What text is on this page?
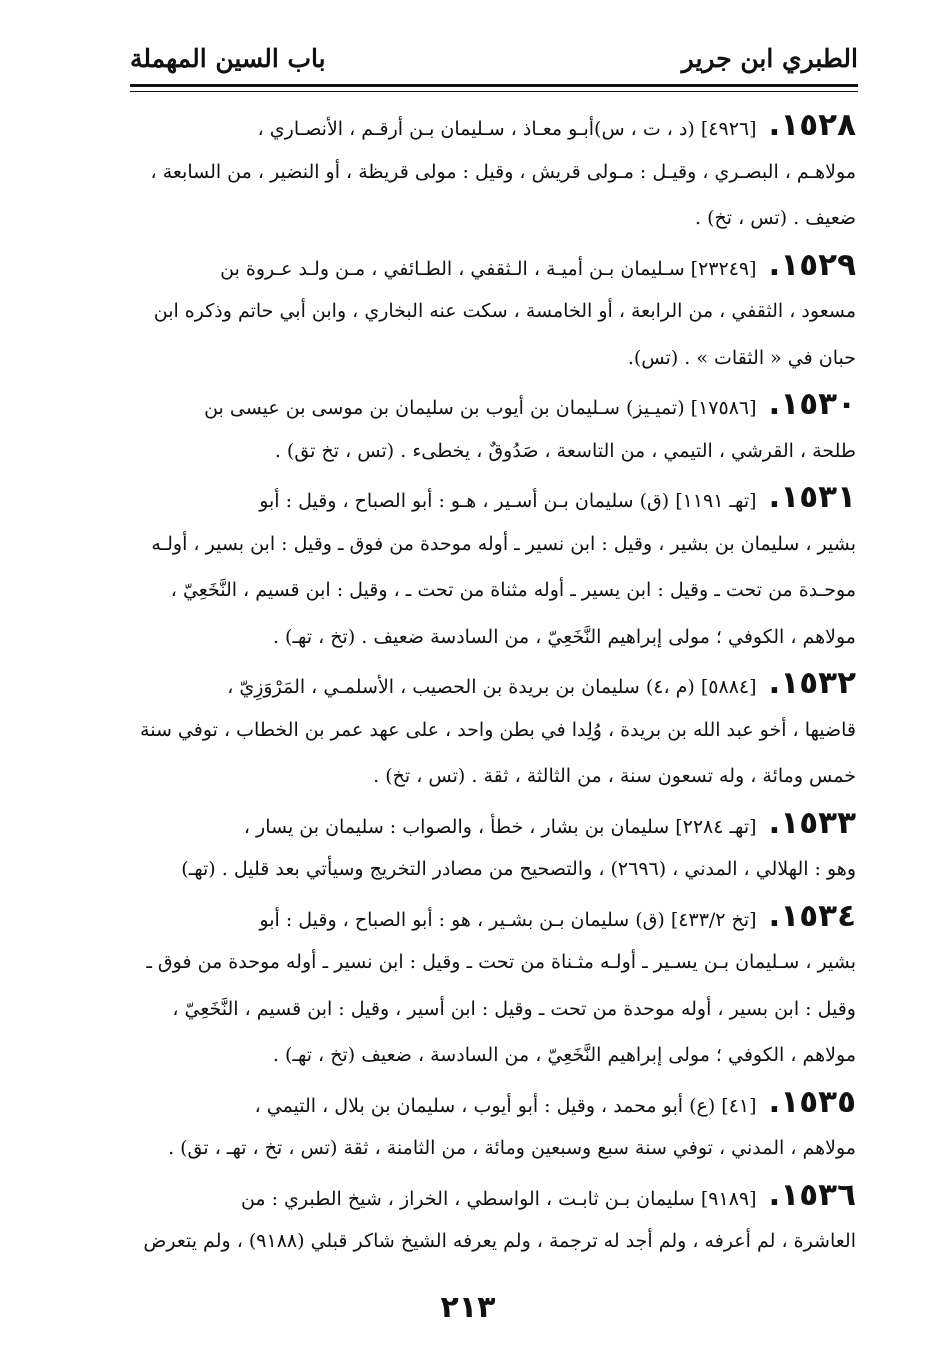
الطبري ابن جرير
باب السين المهملة
١٥٢٨.[٤٩٢٦] (د ، ت ، س)أبـو معـاذ ، سـليمان بـن أرقـم ، الأنصـاري ،
مولاهـم ، البصـري ، وقيـل : مـولى قريش ، وقيل : مولى قريظة ، أو النضير ، من السابعة ،
ضعيف . (تس ، تخ) .
١٥٢٩.[٢٣٢٤٩] سـليمان بـن أميـة ، الـثقفي ، الطـائفي ، مـن ولـد عـروة بن
مسعود ، الثقفي ، من الرابعة ، أو الخامسة ، سكت عنه البخاري ، وابن أبي حاتم وذكره ابن
حبان في « الثقات » . (تس).
١٥٣٠.[١٧٥٨٦] (تميـيز) سـليمان بن أيوب بن سليمان بن موسى بن عيسى بن
طلحة ، القرشي ، التيمي ، من التاسعة ، صَدُوقٌ ، يخطىء . (تس ، تخ تق) .
١٥٣١.[تهـ ١١٩١] (ق) سليمان بـن أسـير ، هـو : أبو الصباح ، وقيل : أبو
بشير ، سليمان بن بشير ، وقيل : ابن نسير ـ أوله موحدة من فوق ـ وقيل : ابن بسير ، أولـه
موحـدة من تحت ـ وقيل : ابن يسير ـ أوله مثناة من تحت ـ ، وقيل : ابن قسيم ، النَّخَعِيّ ،
مولاهم ، الكوفي ؛ مولى إبراهيم النَّخَعِيّ ، من السادسة ضعيف . (تخ ، تهـ) .
١٥٣٢.[٥٨٨٤] (م ،٤) سليمان بن بريدة بن الحصيب ، الأسلمـي ، المَرْوَزِيّ ،
قاضيها ، أخو عبد الله بن بريدة ، وُلِدا في بطن واحد ، على عهد عمر بن الخطاب ، توفي سنة
خمس ومائة ، وله تسعون سنة ، من الثالثة ، ثقة . (تس ، تخ) .
١٥٣٣.[تهـ ٢٢٨٤] سليمان بن بشار ، خطأ ، والصواب : سليمان بن يسار ،
وهو : الهلالي ، المدني ، (٢٦٩٦) ، والتصحيح من مصادر التخريج وسيأتي بعد قليل . (تهـ)
١٥٣٤.[تخ ٤٣٣/٢] (ق) سليمان بـن بشـير ، هو : أبو الصباح ، وقيل : أبو
بشير ، سـليمان بـن يسـير ـ أولـه مثـناة من تحت ـ وقيل : ابن نسير ـ أوله موحدة من فوق ـ
وقيل : ابن بسير ، أوله موحدة من تحت ـ وقيل : ابن أسير ، وقيل : ابن قسيم ، النَّخَعِيّ ،
مولاهم ، الكوفي ؛ مولى إبراهيم النَّخَعِيّ ، من السادسة ، ضعيف (تخ ، تهـ) .
١٥٣٥.[٤١] (ع) أبو محمد ، وقيل : أبو أيوب ، سليمان بن بلال ، التيمي ،
مولاهم ، المدني ، توفي سنة سبع وسبعين ومائة ، من الثامنة ، ثقة (تس ، تخ ، تهـ ، تق) .
١٥٣٦.[٩١٨٩] سليمان بـن ثابـت ، الواسطي ، الخراز ، شيخ الطبري : من
العاشرة ، لم أعرفه ، ولم أجد له ترجمة ، ولم يعرفه الشيخ شاكر قبلي (٩١٨٨) ، ولم يتعرض
٢١٣
